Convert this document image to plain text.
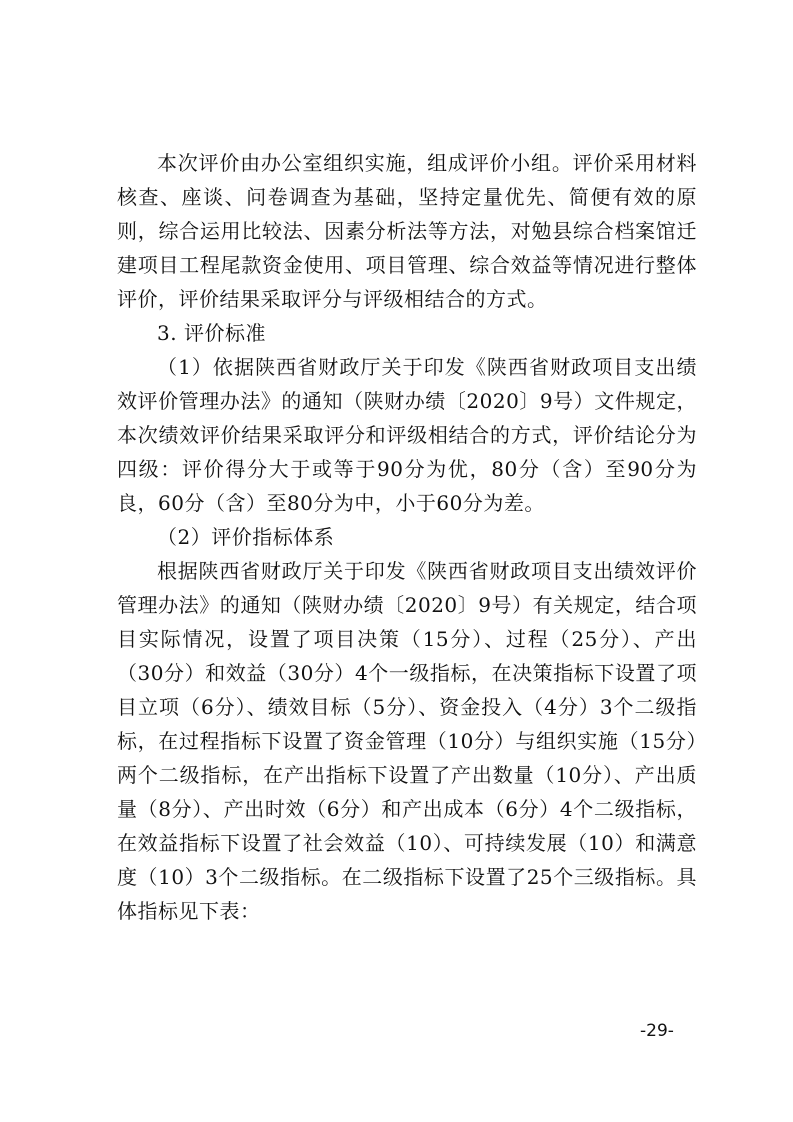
本次评价由办公室组织实施，组成评价小组。评价采用材料核查、座谈、问卷调查为基础，坚持定量优先、简便有效的原则，综合运用比较法、因素分析法等方法，对勉县综合档案馆迁建项目工程尾款资金使用、项目管理、综合效益等情况进行整体评价，评价结果采取评分与评级相结合的方式。

3. 评价标准

（1）依据陕西省财政厅关于印发《陕西省财政项目支出绩效评价管理办法》的通知（陕财办绩〔2020〕9号）文件规定，本次绩效评价结果采取评分和评级相结合的方式，评价结论分为四级：评价得分大于或等于90分为优，80分（含）至90分为良，60分（含）至80分为中，小于60分为差。

（2）评价指标体系

根据陕西省财政厅关于印发《陕西省财政项目支出绩效评价管理办法》的通知（陕财办绩〔2020〕9号）有关规定，结合项目实际情况，设置了项目决策（15分）、过程（25分）、产出（30分）和效益（30分）4个一级指标，在决策指标下设置了项目立项（6分）、绩效目标（5分）、资金投入（4分）3个二级指标，在过程指标下设置了资金管理（10分）与组织实施（15分）两个二级指标，在产出指标下设置了产出数量（10分）、产出质量（8分）、产出时效（6分）和产出成本（6分）4个二级指标，在效益指标下设置了社会效益（10）、可持续发展（10）和满意度（10）3个二级指标。在二级指标下设置了25个三级指标。具体指标见下表：

-29-
